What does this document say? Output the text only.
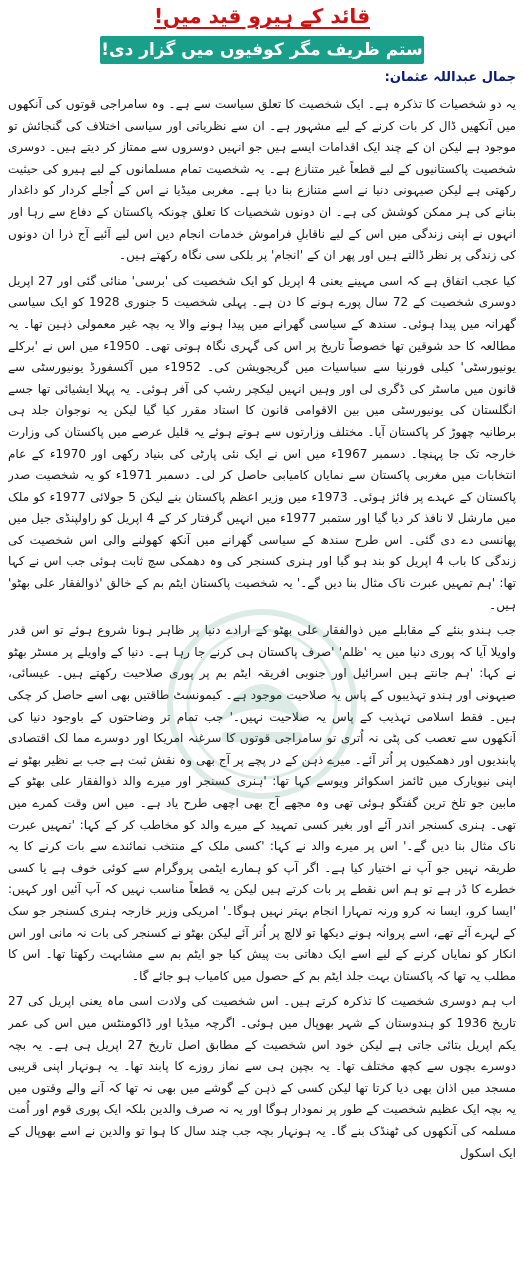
قائد کے ہیرو قید میں!
ستم ظریف مگر کوفیوں میں گزار دی!
جمال عبداللہ عثمان:

یہ دو شخصیات کا تذکرہ ہے۔ ایک شخصیت کا تعلق سیاست سے ہے۔ وہ سامراجی قوتوں کی آنکھوں میں آنکھیں ڈال کر بات کرنے کے لیے مشہور ہے۔ ان سے نظریاتی اور سیاسی اختلاف کی گنجائش تو موجود ہے لیکن ان کے چند ایک اقدامات ایسے ہیں جو انہیں دوسروں سے ممتاز کر دیتے ہیں۔ دوسری شخصیت پاکستانیوں کے لیے قطعاً غیر متنازع ہے۔ یہ شخصیت تمام مسلمانوں کے لیے ہیرو کی حیثیت رکھتی ہے لیکن صیہونی دنیا نے اسے متنازع بنا دیا ہے۔ مغربی میڈیا نے اس کے اُجلے کردار کو داغدار بنانے کی ہر ممکن کوشش کی ہے۔ ان دونوں شخصیات کا تعلق چونکہ پاکستان کے دفاع سے رہا اور انہوں نے اپنی زندگی میں اس کے لیے ناقابلِ فراموش خدمات انجام دیں اس لیے آئیے آج ذرا ان دونوں کی زندگی پر نظر ڈالتے ہیں اور پھر ان کے 'انجام' پر بلکی سی نگاہ رکھتے ہیں۔

کیا عجب اتفاق ہے کہ اسی مہینے یعنی 4 اپریل کو ایک شخصیت کی 'برسی' منائی گئی اور 27 اپریل دوسری شخصیت کے 72 سال پورے ہونے کا دن ہے۔ پہلی شخصیت 5 جنوری 1928 کو ایک سیاسی گھرانہ میں پیدا ہوئی۔ سندھ کے سیاسی گھرانے میں پیدا ہونے والا یہ بچہ غیر معمولی ذہین تھا۔ یہ مطالعہ کا حد شوقین تھا خصوصاً تاریخ پر اس کی گہری نگاہ ہوتی تھی۔ 1950ء میں اس نے 'برکلے یونیورسٹی' کیلی فورنیا سے سیاسیات میں گریجویشن کی۔ 1952ء میں آکسفورڈ یونیورسٹی سے قانون میں ماسٹر کی ڈگری لی اور وہیں انہیں لیکچر رشپ کی آفر ہوئی۔ یہ پہلا ایشیائی تھا جسے انگلستان کی یونیورسٹی میں بین الاقوامی قانون کا استاد مقرر کیا گیا لیکن یہ نوجوان جلد ہی برطانیہ چھوڑ کر پاکستان آیا۔ مختلف وزارتوں سے ہوتے ہوئے یہ قلیل عرصے میں پاکستان کی وزارت خارجہ تک جا پہنچا۔ دسمبر 1967ء میں اس نے ایک نئی پارٹی کی بنیاد رکھی اور 1970ء کے عام انتخابات میں مغربی پاکستان سے نمایاں کامیابی حاصل کر لی۔ دسمبر 1971ء کو یہ شخصیت صدر پاکستان کے عہدے پر فائز ہوئی۔ 1973ء میں وزیر اعظم پاکستان بنے لیکن 5 جولائی 1977ء کو ملک میں مارشل لا نافذ کر دیا گیا اور ستمبر 1977ء میں انہیں گرفتار کر کے 4 اپریل کو راولپنڈی جیل میں پھانسی دے دی گئی۔ اس طرح سندھ کے سیاسی گھرانے میں آنکھ کھولنے والی اس شخصیت کی زندگی کا باب 4 اپریل کو بند ہو گیا اور ہنری کسنجر کی وہ دھمکی سچ ثابت ہوئی جب اس نے کہا تھا: 'ہم تمہیں عبرت ناک مثال بنا دیں گے۔' یہ شخصیت پاکستان ایٹم بم کے خالق 'ذوالفقار علی بھٹو' ہیں۔

جب ہندو بنئے کے مقابلے میں ذوالفقار علی بھٹو کے ارادے دنیا پر ظاہر ہونا شروع ہوئے تو اس قدر واویلا آیا کہ پوری دنیا میں یہ 'ظلم' 'صرف پاکستان ہی کرنے جا رہا ہے۔ دنیا کے واویلے پر مسٹر بھٹو نے کہا: 'ہم جانتے ہیں اسرائیل اور جنوبی افریقہ ایٹم بم پر پوری صلاحیت رکھتے ہیں۔ عیسائی، صیہونی اور ہندو تہذیبوں کے پاس یہ صلاحیت موجود ہے۔ کیمونسٹ طاقتیں بھی اسے حاصل کر چکی ہیں۔ فقط اسلامی تہذیب کے پاس یہ صلاحیت نہیں۔' جب تمام تر وضاحتوں کے باوجود دنیا کی آنکھوں سے تعصب کی پٹی نہ اُتری تو سامراجی قوتوں کا سرغنہ امریکا اور دوسرے مما لک اقتصادی پابندیوں اور دھمکیوں پر اُتر آئے۔ میرے ذہن کے در پچے پر آج بھی وہ نقش ثبت ہے جب بے نظیر بھٹو نے اپنی نیویارک میں ٹائمز اسکوائر ویوسے کہا تھا: 'ہنری کسنجر اور میرے والد ذوالفقار علی بھٹو کے مابین جو تلخ ترین گفتگو ہوئی تھی وہ مجھے آج بھی اچھی طرح یاد ہے۔ میں اس وقت کمرے میں تھی۔ ہنری کسنجر اندر آئے اور بغیر کسی تمہید کے میرے والد کو مخاطب کر کے کہا: 'تمہیں عبرت ناک مثال بنا دیں گے۔' اس پر میرے والد نے کہا: 'کسی ملک کے منتخب نمائندے سے بات کرنے کا یہ طریقہ نہیں جو آپ نے اختیار کیا ہے۔ اگر آپ کو ہمارے ایٹمی پروگرام سے کوئی خوف ہے یا کسی خطرے کا ڈر ہے تو ہم اس نقطے پر بات کرتے ہیں لیکن یہ قطعاً مناسب نہیں کہ آپ آئیں اور کہیں: 'ایسا کرو، ایسا نہ کرو ورنہ تمہارا انجام بہتر نہیں ہوگا۔' امریکی وزیر خارجہ ہنری کسنجر جو سک کے لہرے آئے تھے، اسے پروانہ ہونے دیکھا تو لالچ پر اُتر آئے لیکن بھٹو نے کسنجر کی بات نہ مانی اور اس انکار کو نمایاں کرنے کے لیے اسے ایک دھاتی بت پیش کیا جو ایٹم بم سے مشابہت رکھتا تھا۔ اس کا مطلب یہ تھا کہ پاکستان بہت جلد ایٹم بم کے حصول میں کامیاب ہو جائے گا۔

اب ہم دوسری شخصیت کا تذکرہ کرتے ہیں۔ اس شخصیت کی ولادت اسی ماہ یعنی اپریل کی 27 تاریخ 1936 کو ہندوستان کے شہر بھوپال میں ہوئی۔ اگرچہ میڈیا اور ڈاکومنٹس میں اس کی عمر یکم اپریل بتائی جاتی ہے لیکن خود اس شخصیت کے مطابق اصل تاریخ 27 اپریل ہی ہے۔ یہ بچہ دوسرے بچوں سے کچھ مختلف تھا۔ یہ بچپن ہی سے نماز روزے کا پابند تھا۔ یہ ہونہار اپنی قریبی مسجد میں اذان بھی دیا کرتا تھا لیکن کسی کے ذہن کے گوشے میں بھی نہ تھا کہ آنے والے وقتوں میں یہ بچہ ایک عظیم شخصیت کے طور پر نمودار ہوگا اور یہ نہ صرف والدین بلکہ ایک پوری قوم اور اُمت مسلمہ کی آنکھوں کی ٹھنڈک بنے گا۔ یہ ہونہار بچہ جب چند سال کا ہوا تو والدین نے اسے بھوپال کے ایک اسکول
